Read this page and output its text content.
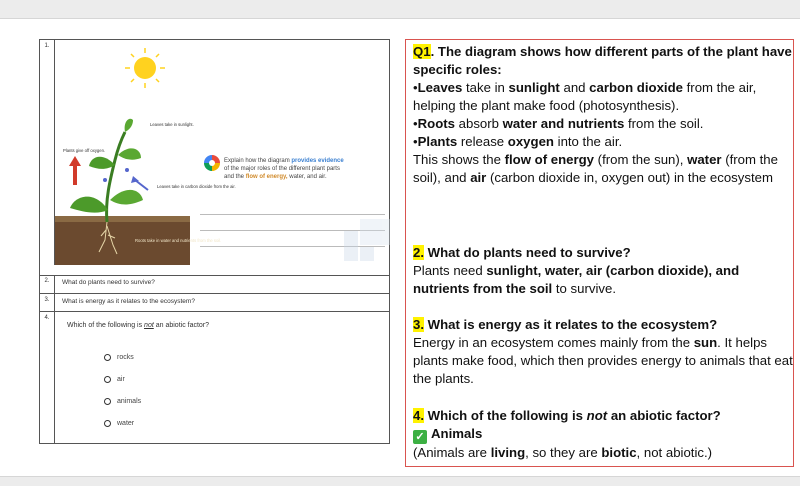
1.
Leaves take in sunlight.
Plants give off oxygen.
Leaves take in carbon dioxide from the air.
Roots take in water and nutrients from the soil.
Explain how the diagram provides evidence of the major roles of the different plant parts and the flow of energy, water, and air.
2.	What do plants need to survive?
3.	What is energy as it relates to the ecosystem?
4.
Which of the following is not an abiotic factor?
rocks
air
animals
water

Q1. The diagram shows how different parts of the plant have specific roles:

•Leaves take in sunlight and carbon dioxide from the air, helping the plant make food (photosynthesis).

•Roots absorb water and nutrients from the soil.

•Plants release oxygen into the air.

This shows the flow of energy (from the sun), water (from the soil), and air (carbon dioxide in, oxygen out) in the ecosystem

2. What do plants need to survive?

Plants need sunlight, water, air (carbon dioxide), and nutrients from the soil to survive.

3. What is energy as it relates to the ecosystem?

Energy in an ecosystem comes mainly from the sun. It helps plants make food, which then provides energy to animals that eat the plants.

4. Which of the following is not an abiotic factor?

✓ Animals

(Animals are living, so they are biotic, not abiotic.)
